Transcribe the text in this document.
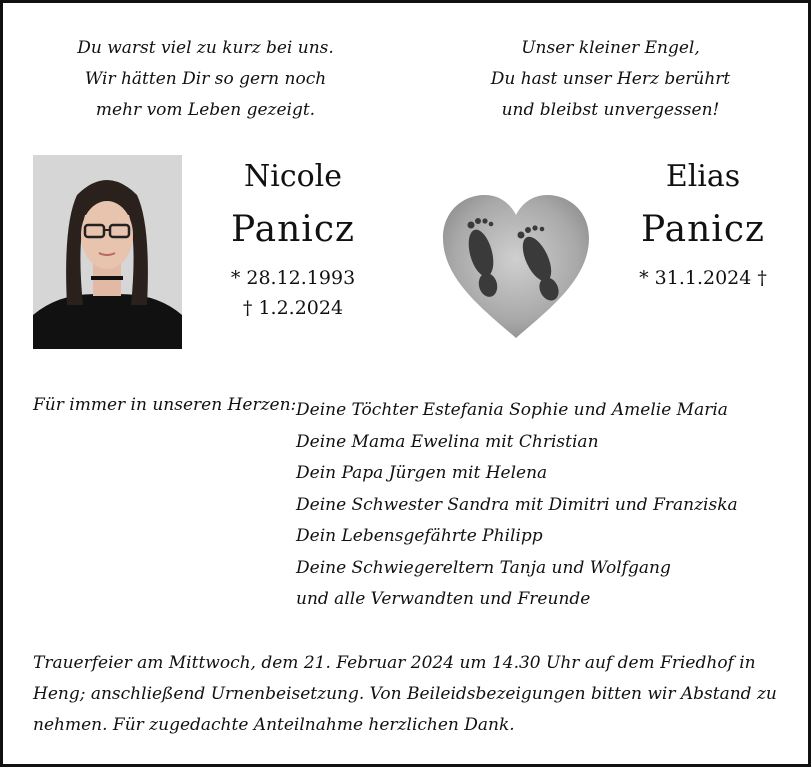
Du warst viel zu kurz bei uns.
Wir hätten Dir so gern noch
mehr vom Leben gezeigt.
Unser kleiner Engel,
Du hast unser Herz berührt
und bleibst unvergessen!
Nicole
Panicz
* 28.12.1993
† 1.2.2024
Elias
Panicz
* 31.1.2024 †
Für immer in unseren Herzen: Deine Töchter Estefania Sophie und Amelie Maria
Deine Mama Ewelina mit Christian
Dein Papa Jürgen mit Helena
Deine Schwester Sandra mit Dimitri und Franziska
Dein Lebensgefährte Philipp
Deine Schwiegereltern Tanja und Wolfgang
und alle Verwandten und Freunde

Trauerfeier am Mittwoch, dem 21. Februar 2024 um 14.30 Uhr auf dem Friedhof in
Heng; anschließend Urnenbeisetzung. Von Beileidsbezeigungen bitten wir Abstand zu
nehmen. Für zugedachte Anteilnahme herzlichen Dank.
